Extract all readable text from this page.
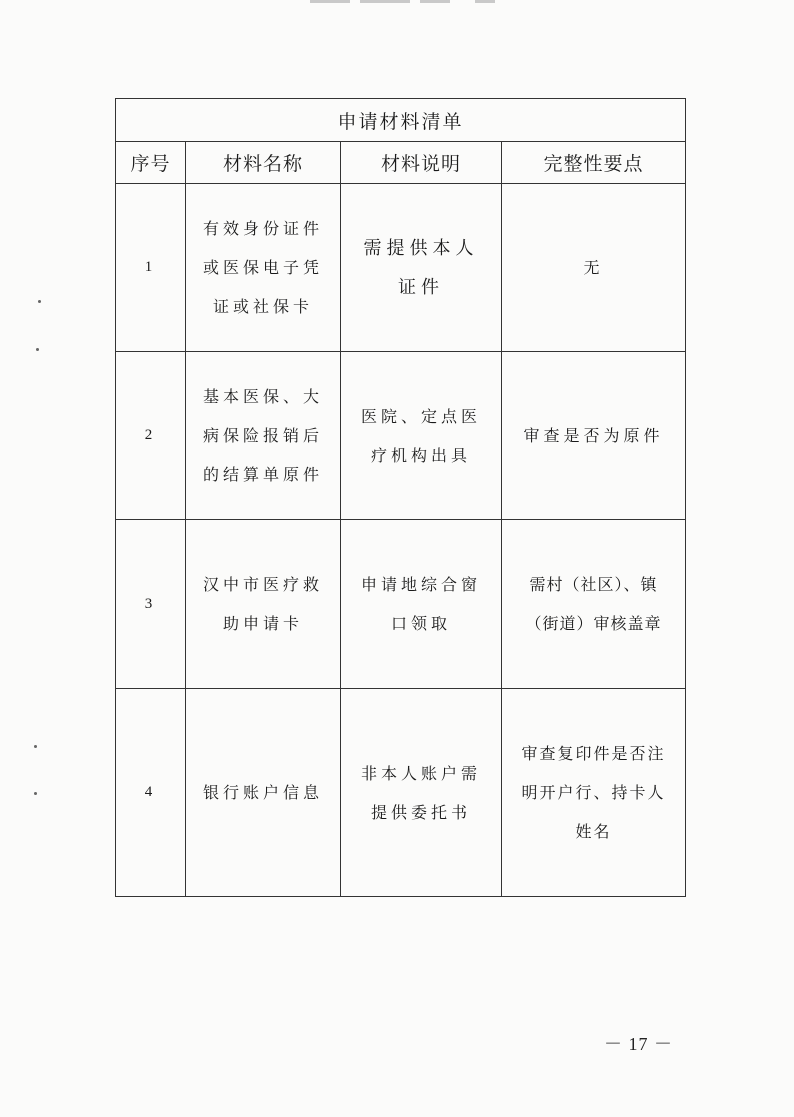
申请材料清单			
序号	材料名称	材料说明	完整性要点
1	有效身份证件或医保电子凭证或社保卡	需提供本人证件	无
2	基本医保、大病保险报销后的结算单原件	医院、定点医疗机构出具	审查是否为原件
3	汉中市医疗救助申请卡	申请地综合窗口领取	需村（社区）、镇（街道）审核盖章
4	银行账户信息	非本人账户需提供委托书	审查复印件是否注明开户行、持卡人姓名
－ 17 －
